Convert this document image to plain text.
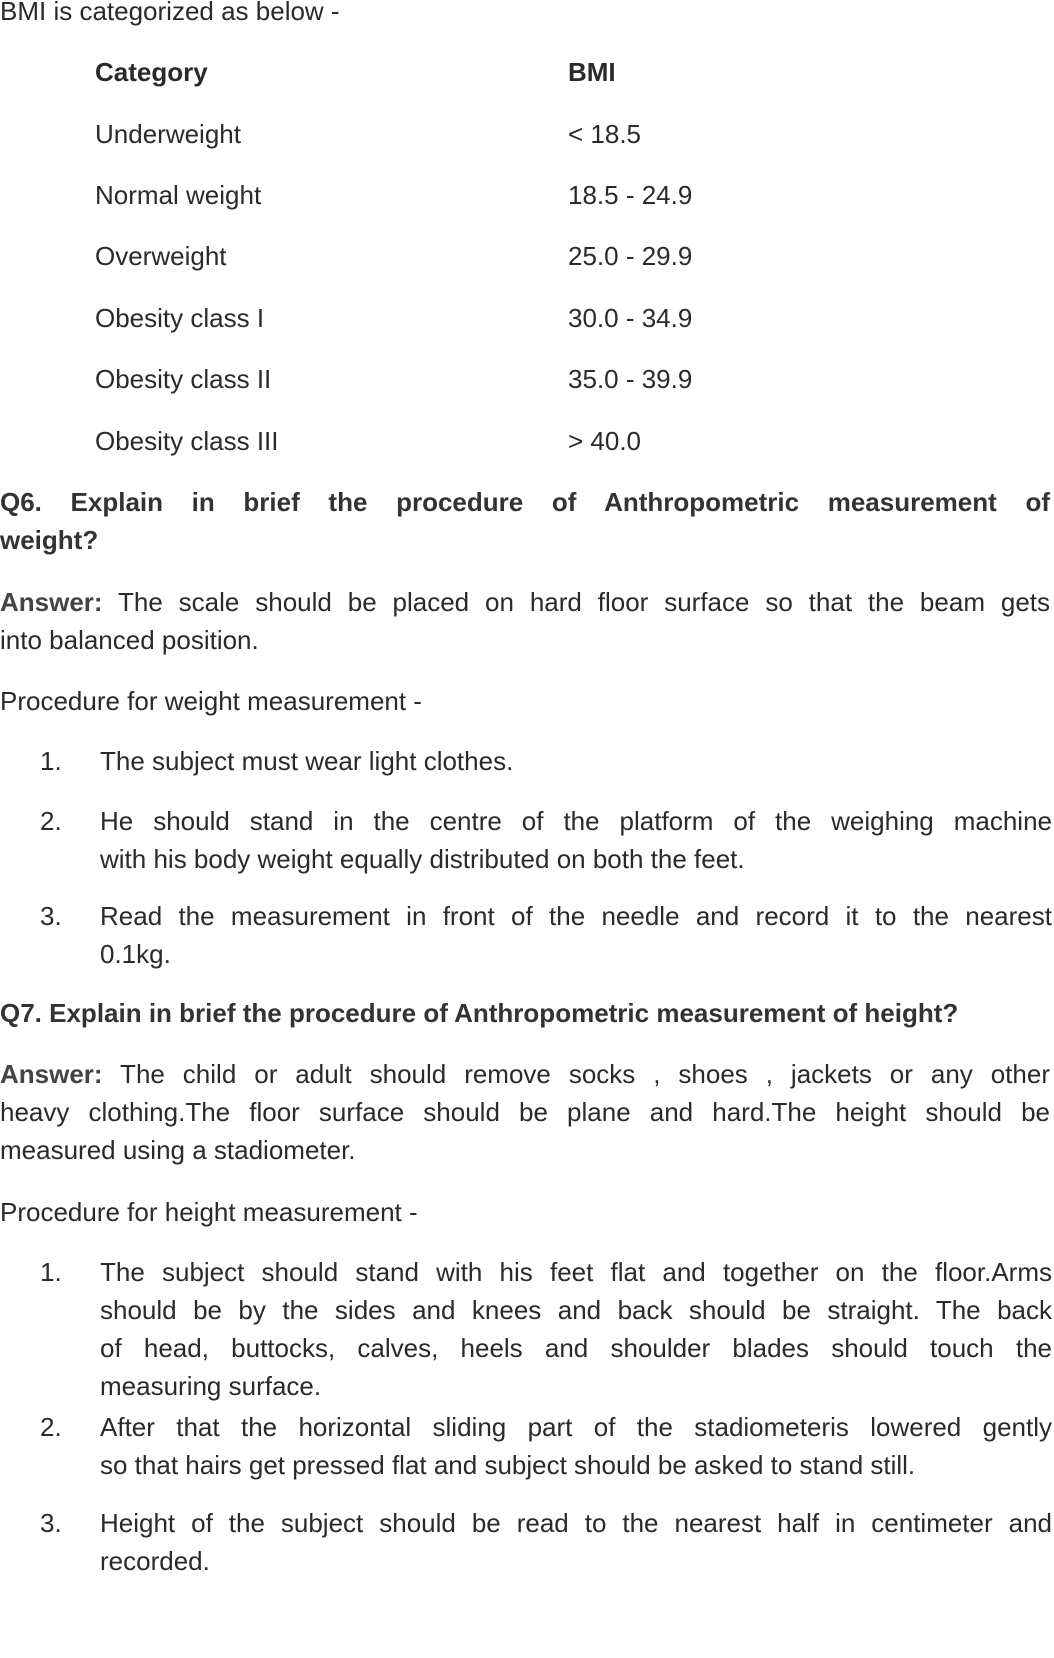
BMI is categorized as below -
Category	BMI
Underweight	< 18.5
Normal weight	18.5 - 24.9
Overweight	25.0 - 29.9
Obesity class I	30.0 - 34.9
Obesity class II	35.0 - 39.9
Obesity class III	> 40.0
Q6. Explain in brief the procedure of Anthropometric measurement of
weight?
Answer: The scale should be placed on hard floor surface so that the beam gets
into balanced position.
Procedure for weight measurement -
1.	The subject must wear light clothes.
2.	He should stand in the centre of the platform of the weighing machine
with his body weight equally distributed on both the feet.
3.	Read the measurement in front of the needle and record it to the nearest
0.1kg.
Q7. Explain in brief the procedure of Anthropometric measurement of height?
Answer: The child or adult should remove socks , shoes , jackets or any other
heavy clothing.The floor surface should be plane and hard.The height should be
measured using a stadiometer.
Procedure for height measurement -
1.	The subject should stand with his feet flat and together on the floor.Arms
should be by the sides and knees and back should be straight. The back
of head, buttocks, calves, heels and shoulder blades should touch the
measuring surface.
2.	After that the horizontal sliding part of the stadiometeris lowered gently
so that hairs get pressed flat and subject should be asked to stand still.
3.	Height of the subject should be read to the nearest half in centimeter and
recorded.
